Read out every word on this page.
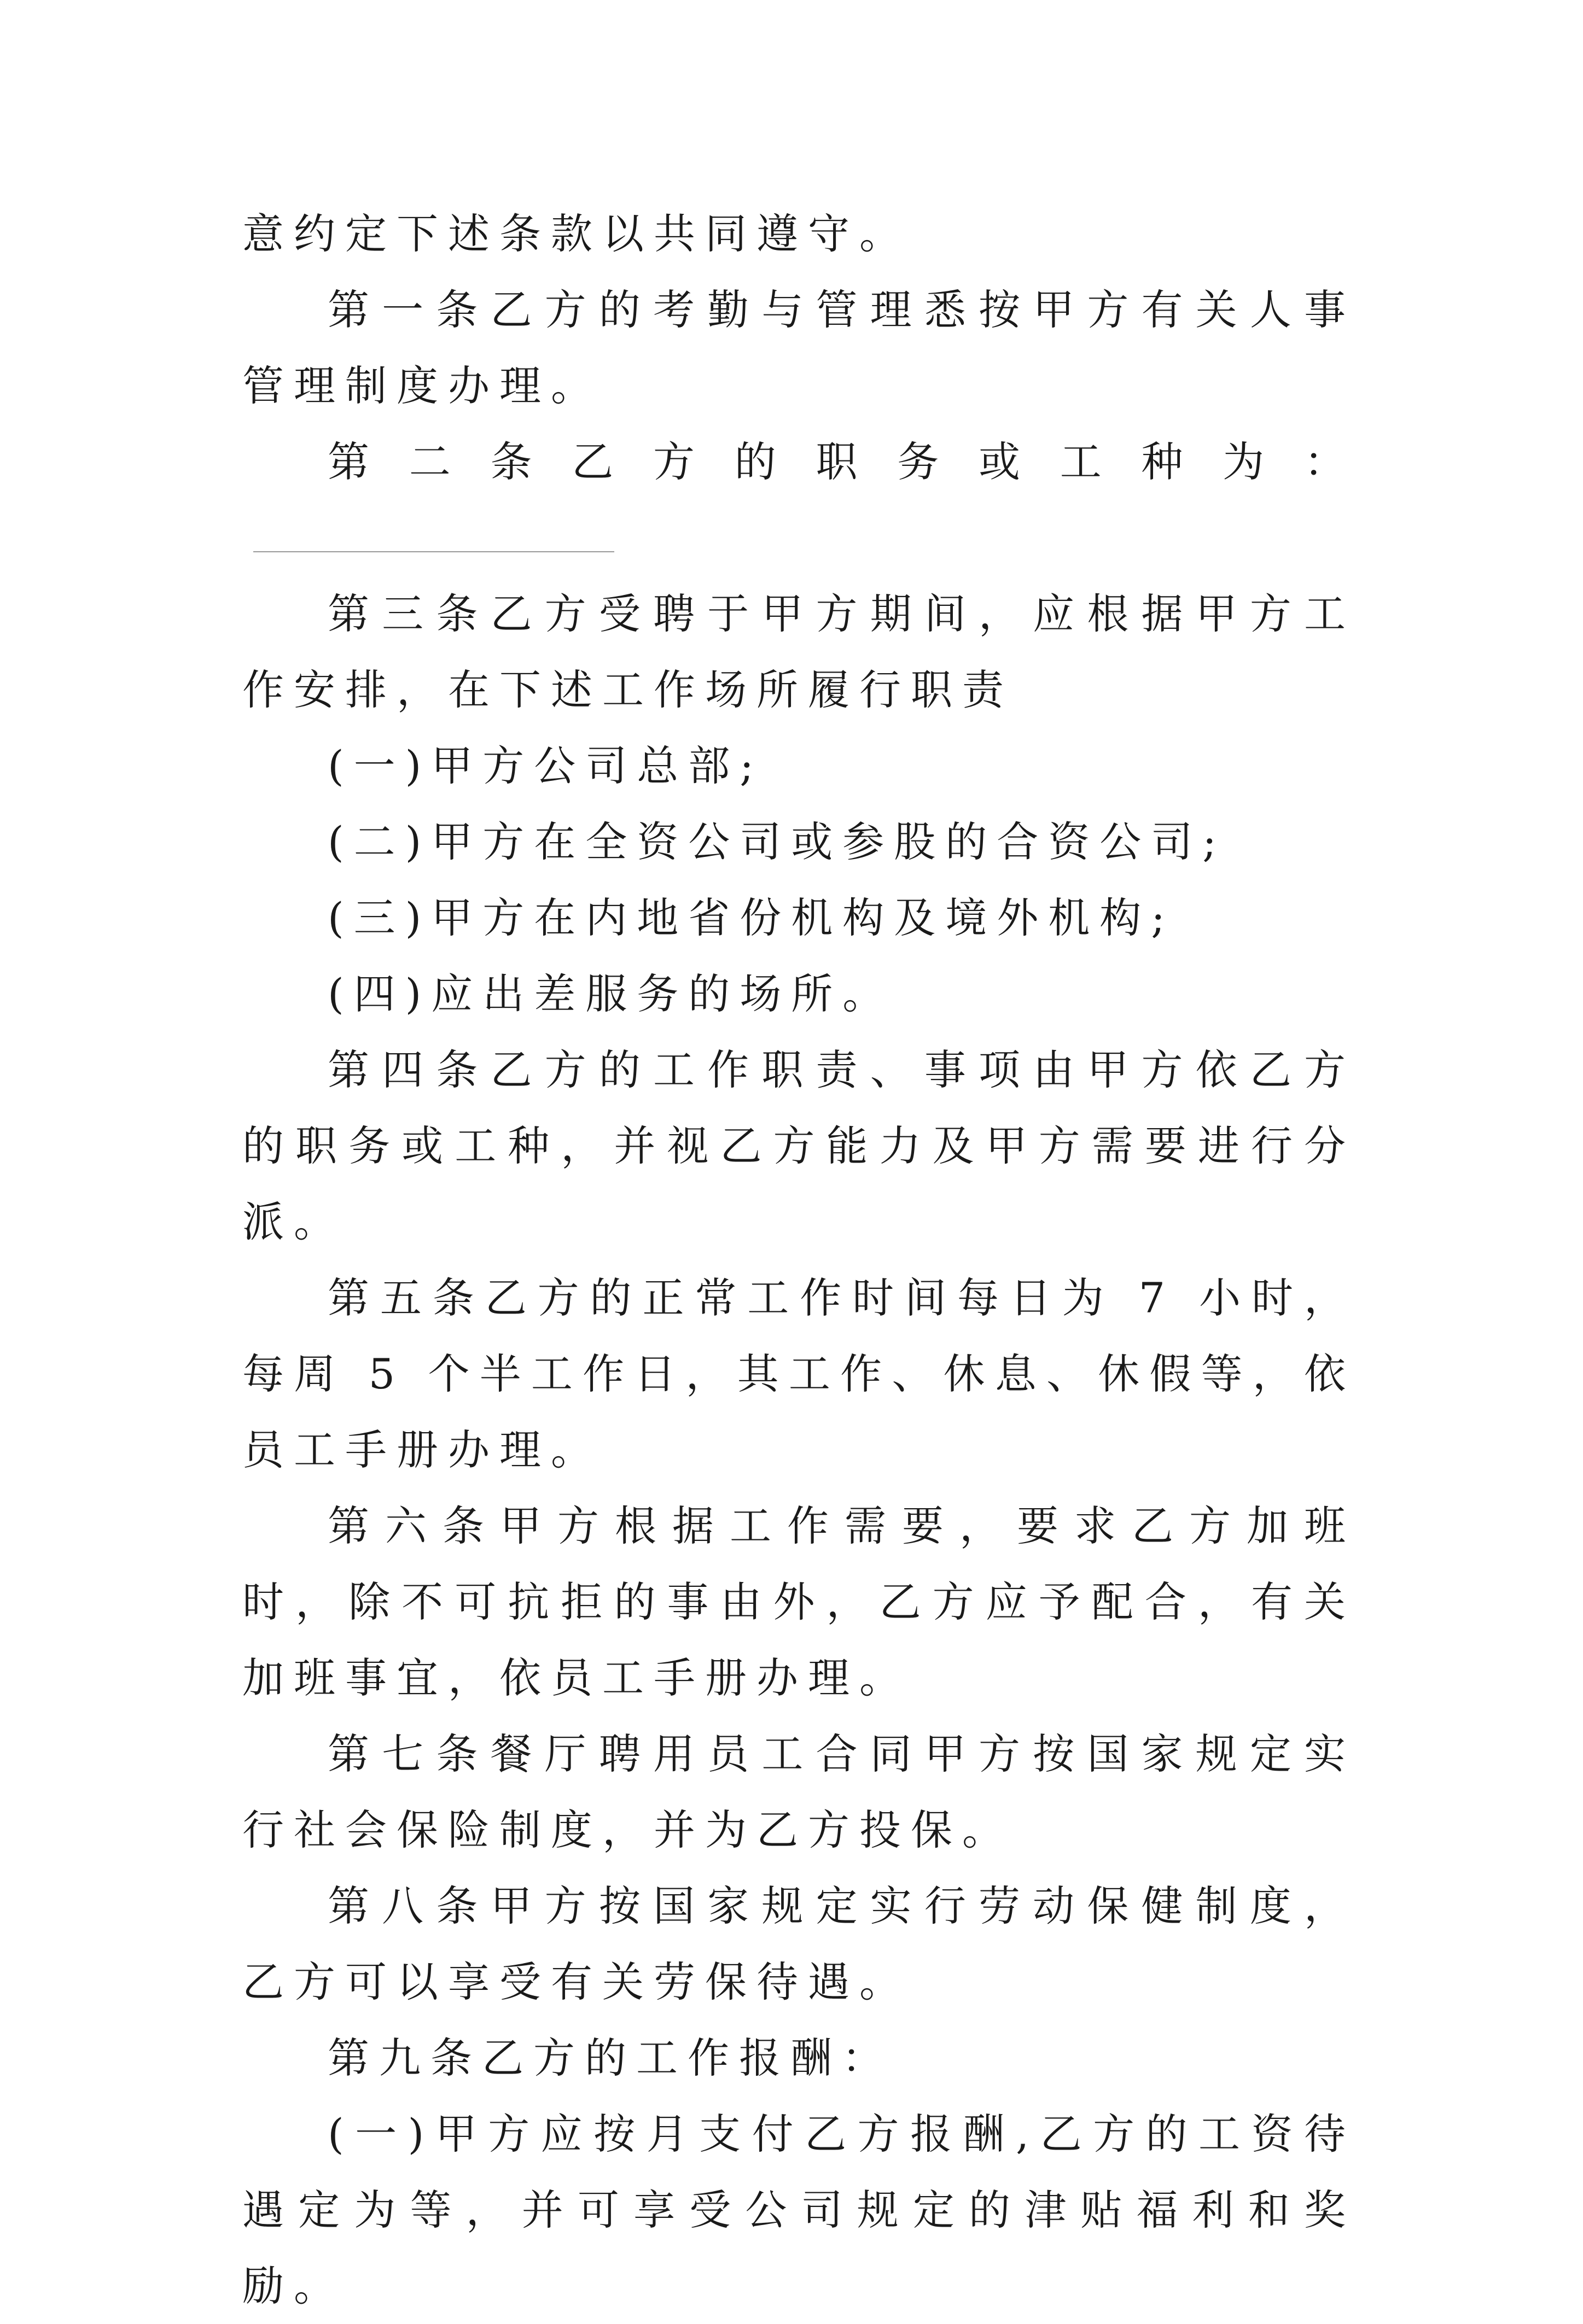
意约定下述条款以共同遵守。

第一条乙方的考勤与管理悉按甲方有关人事管理制度办理。

第二条乙方的职务或工种为：

第三条乙方受聘于甲方期间，应根据甲方工作安排，在下述工作场所履行职责

(一)甲方公司总部;

(二)甲方在全资公司或参股的合资公司;

(三)甲方在内地省份机构及境外机构;

(四)应出差服务的场所。

第四条乙方的工作职责、事项由甲方依乙方的职务或工种，并视乙方能力及甲方需要进行分派。

第五条乙方的正常工作时间每日为 7 小时，每周 5 个半工作日，其工作、休息、休假等，依员工手册办理。

第六条甲方根据工作需要，要求乙方加班时，除不可抗拒的事由外，乙方应予配合，有关加班事宜，依员工手册办理。

第七条餐厅聘用员工合同甲方按国家规定实行社会保险制度，并为乙方投保。

第八条甲方按国家规定实行劳动保健制度，乙方可以享受有关劳保待遇。

第九条乙方的工作报酬：

(一)甲方应按月支付乙方报酬,乙方的工资待遇定为等，并可享受公司规定的津贴福利和奖励。
